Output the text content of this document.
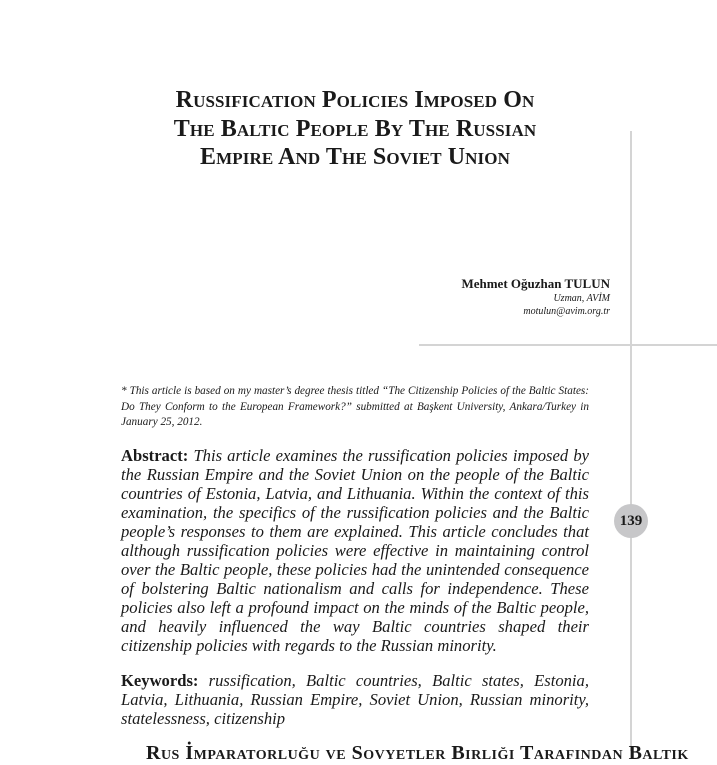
Russification Policies Imposed On
The Baltic People By The Russian
Empire And The Soviet Union
Mehmet Oğuzhan TULUN
Uzman, AVİM
motulun@avim.org.tr

* This article is based on my master’s degree thesis titled “The Citizenship Policies of the Baltic States: Do They Conform to the European Framework?” submitted at Başkent University, Ankara/Turkey in January 25, 2012.

Abstract: This article examines the russification policies imposed by the Russian Empire and the Soviet Union on the people of the Baltic countries of Estonia, Latvia, and Lithuania. Within the context of this examination, the specifics of the russification policies and the Baltic people’s responses to them are explained. This article concludes that although russification policies were effective in maintaining control over the Baltic people, these policies had the unintended consequence of bolstering Baltic nationalism and calls for independence. These policies also left a profound impact on the minds of the Baltic people, and heavily influenced the way Baltic countries shaped their citizenship policies with regards to the Russian minority.

Keywords: russification, Baltic countries, Baltic states, Estonia, Latvia, Lithuania, Russian Empire, Soviet Union, Russian minority, statelessness, citizenship

139
Rus İmparatorluğu ve Sovyetler Birliği Tarafından Baltık
